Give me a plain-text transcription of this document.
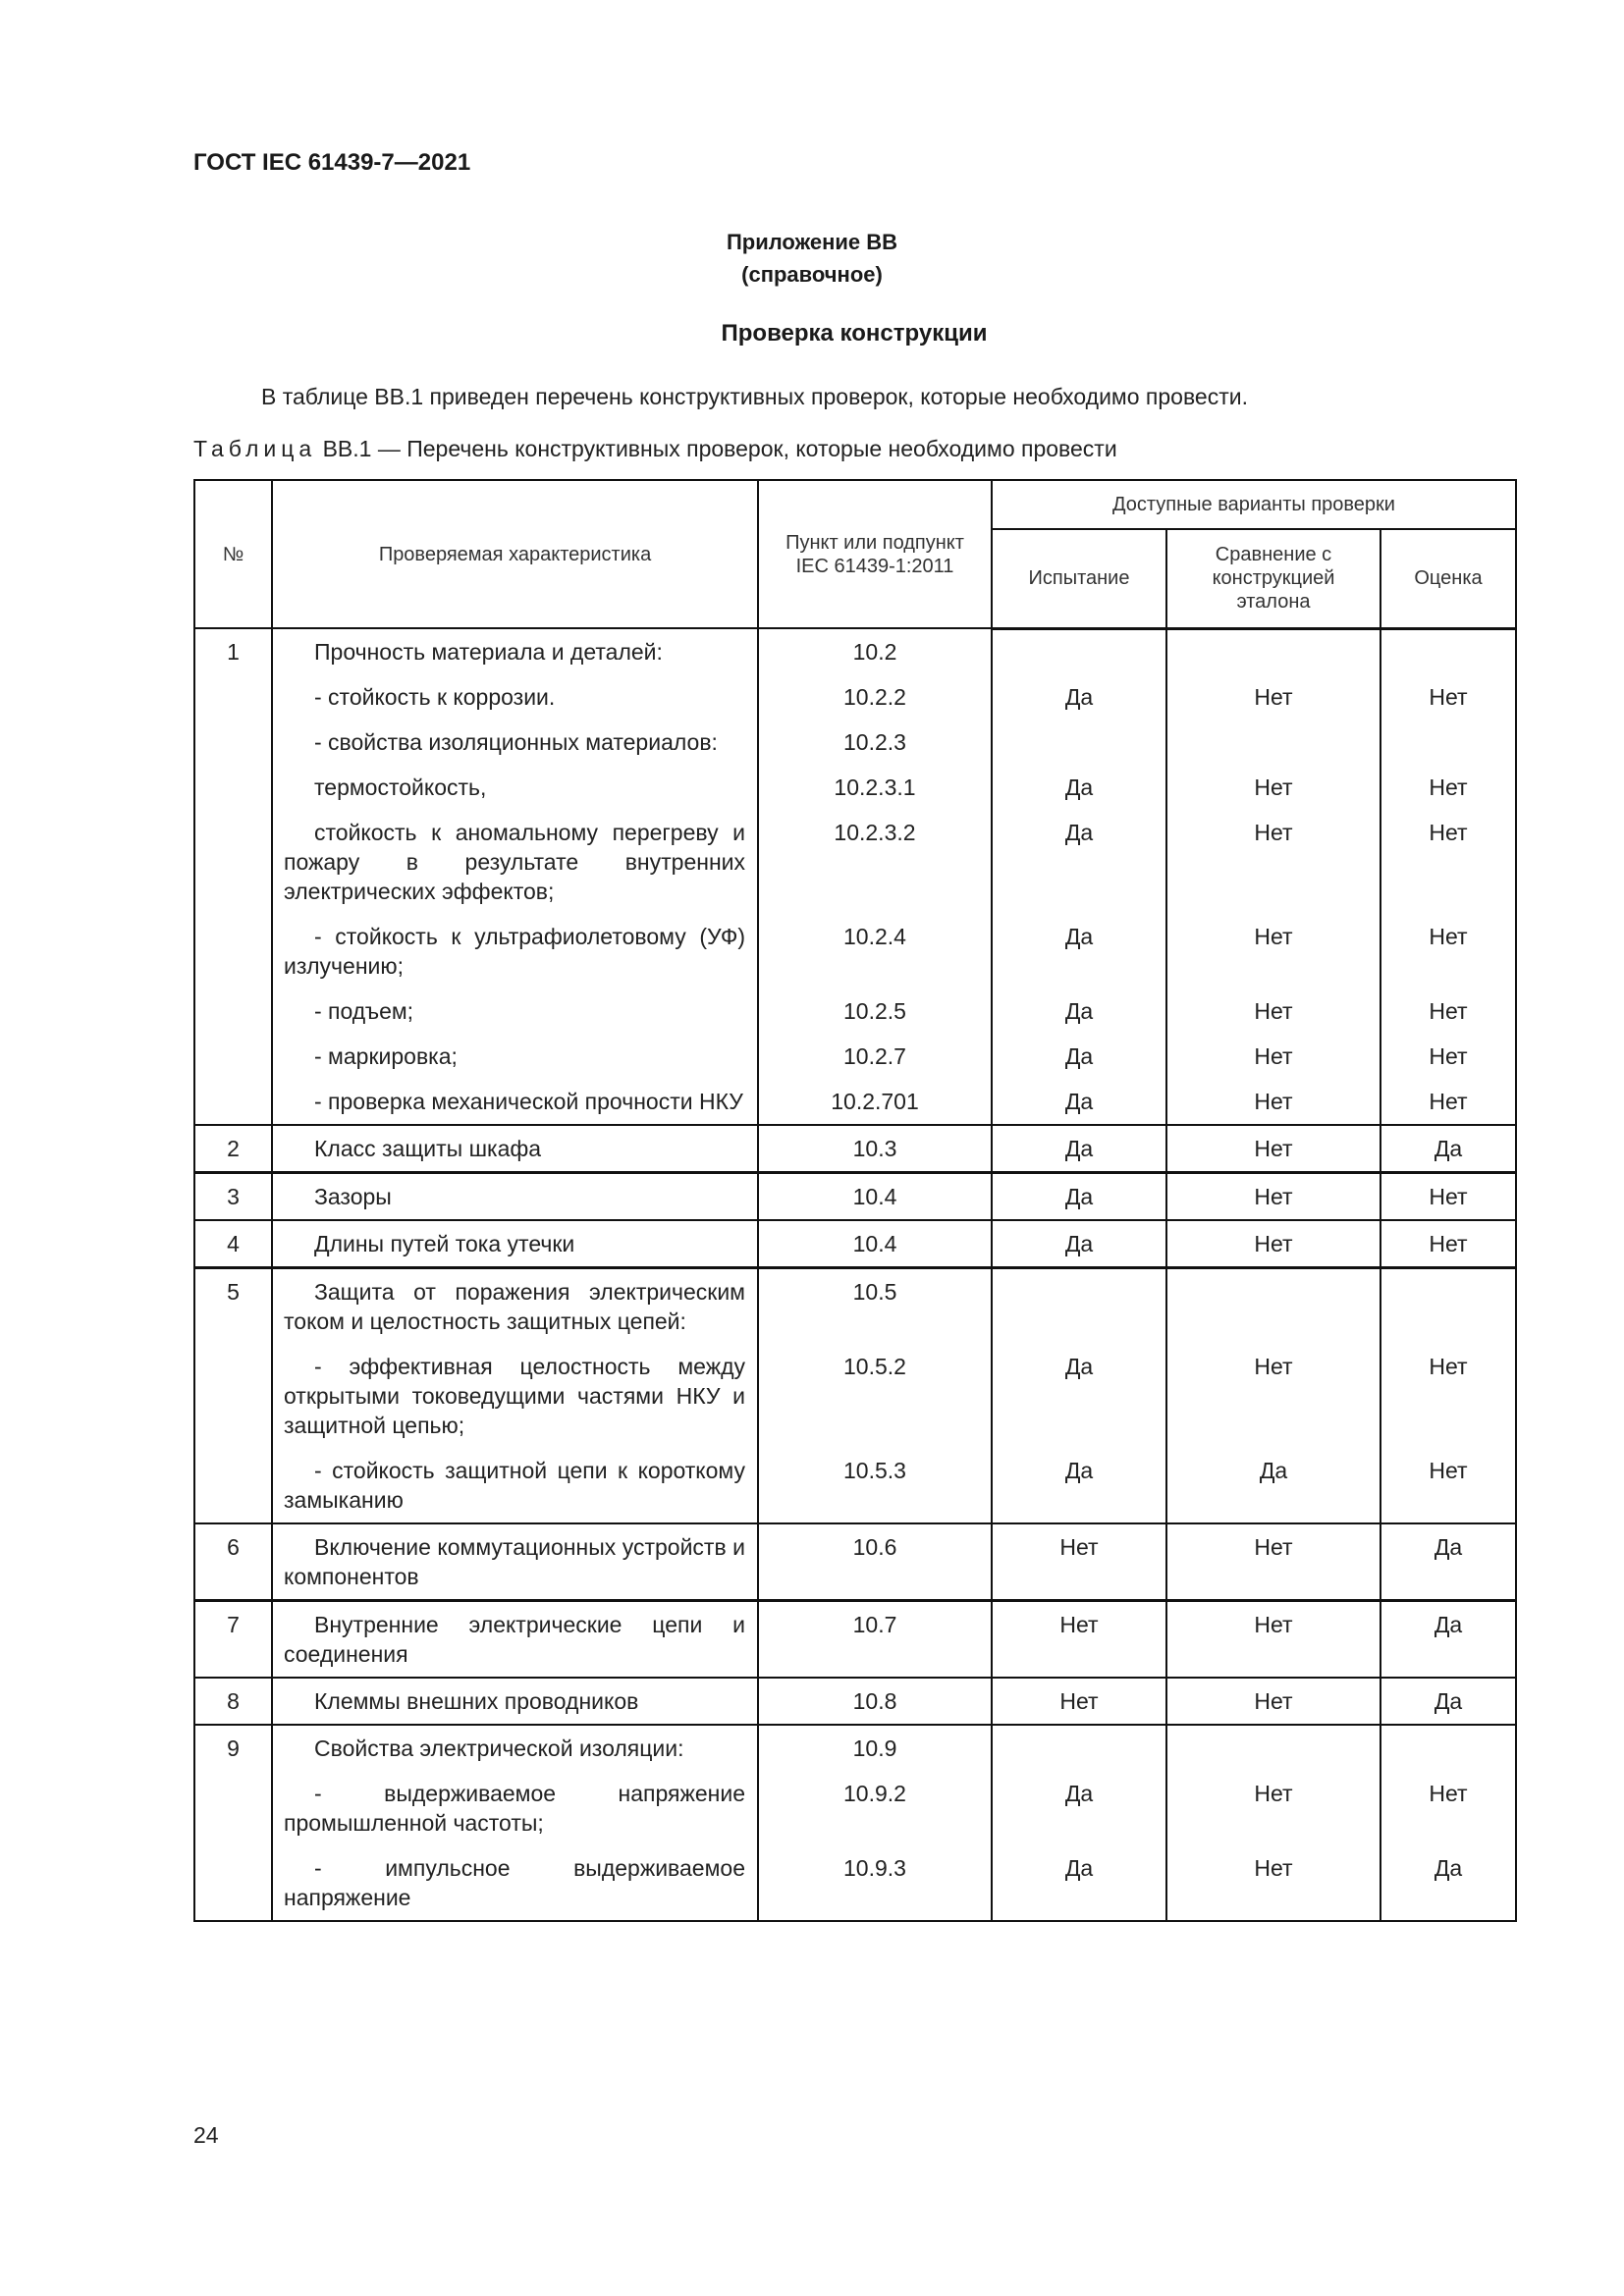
ГОСТ IEC 61439-7—2021
Приложение ВВ
(справочное)
Проверка конструкции
В таблице ВВ.1 приведен перечень конструктивных проверок, которые необходимо провести.
Таблица ВВ.1 — Перечень конструктивных проверок, которые необходимо провести
№	Проверяемая характеристика	Пункт или подпункт IEC 61439-1:2011	Доступные варианты проверки		
			Испытание	Сравнение с конструкцией эталона	Оценка
1	Прочность материала и деталей:	10.2			

	- стойкость к коррозии.	10.2.2	Да	Нет	Нет

	- свойства изоляционных материалов:	10.2.3			

	термостойкость,	10.2.3.1	Да	Нет	Нет

	стойкость к аномальному перегреву и пожару в результате внутренних электрических эффектов;	10.2.3.2	Да	Нет	Нет

	- стойкость к ультрафиолетовому (УФ) излучению;	10.2.4	Да	Нет	Нет

	- подъем;	10.2.5	Да	Нет	Нет

	- маркировка;	10.2.7	Да	Нет	Нет

	- проверка механической прочности НКУ	10.2.701	Да	Нет	Нет
2	Класс защиты шкафа	10.3	Да	Нет	Да
3	Зазоры	10.4	Да	Нет	Нет
4	Длины путей тока утечки	10.4	Да	Нет	Нет
5	Защита от поражения электрическим током и целостность защитных цепей:	10.5			

	- эффективная целостность между открытыми токоведущими частями НКУ и защитной цепью;	10.5.2	Да	Нет	Нет

	- стойкость защитной цепи к короткому замыканию	10.5.3	Да	Да	Нет
6	Включение коммутационных устройств и компонентов	10.6	Нет	Нет	Да
7	Внутренние электрические цепи и соединения	10.7	Нет	Нет	Да
8	Клеммы внешних проводников	10.8	Нет	Нет	Да
9	Свойства электрической изоляции:	10.9			

	- выдерживаемое напряжение промышленной частоты;	10.9.2	Да	Нет	Нет

	- импульсное выдерживаемое напряжение	10.9.3	Да	Нет	Да
24
